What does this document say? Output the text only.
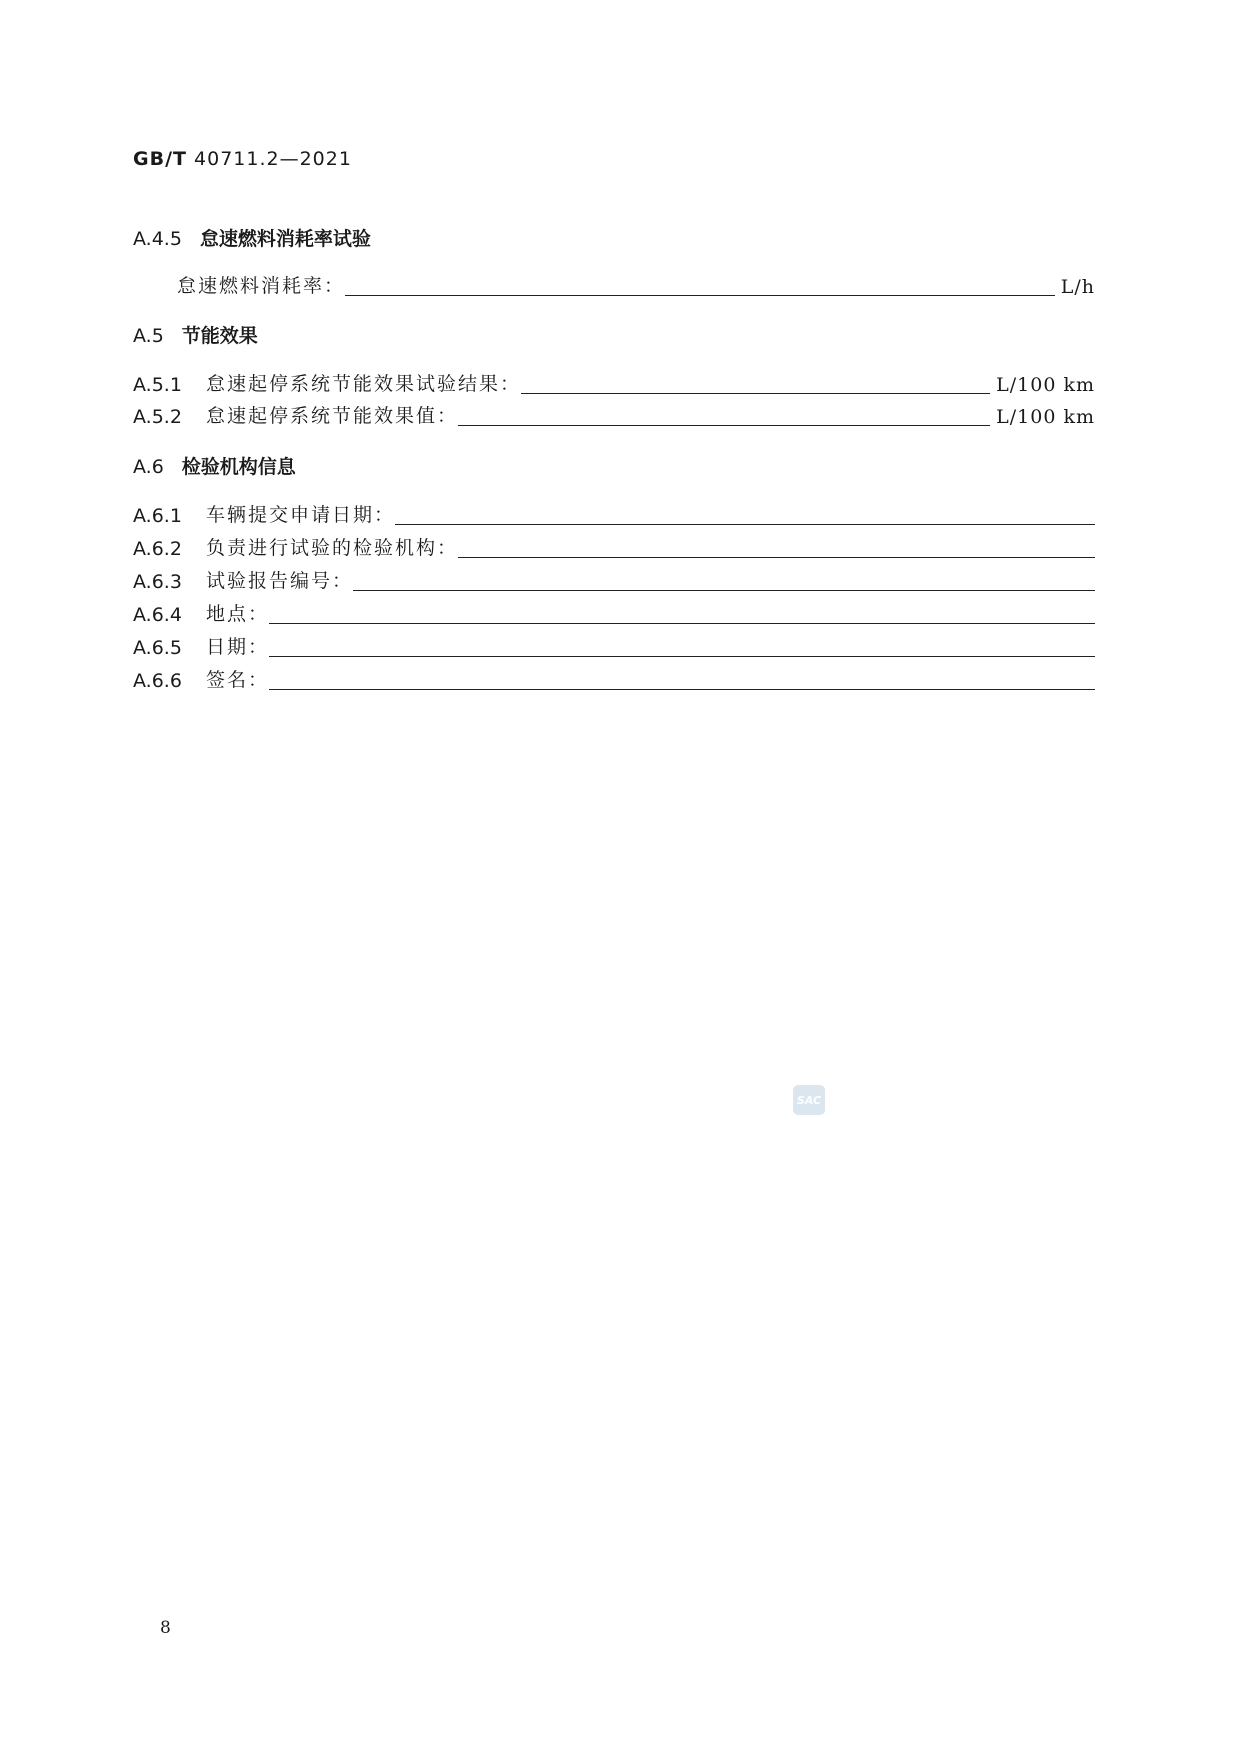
GB/T 40711.2—2021
A.4.5 怠速燃料消耗率试验
怠速燃料消耗率：	L/h
A.5 节能效果
A.5.1	怠速起停系统节能效果试验结果：	L/100 km
A.5.2	怠速起停系统节能效果值：	L/100 km
A.6 检验机构信息
A.6.1	车辆提交申请日期：
A.6.2	负责进行试验的检验机构：
A.6.3	试验报告编号：
A.6.4	地点：
A.6.5	日期：
A.6.6	签名：
SAC
8
